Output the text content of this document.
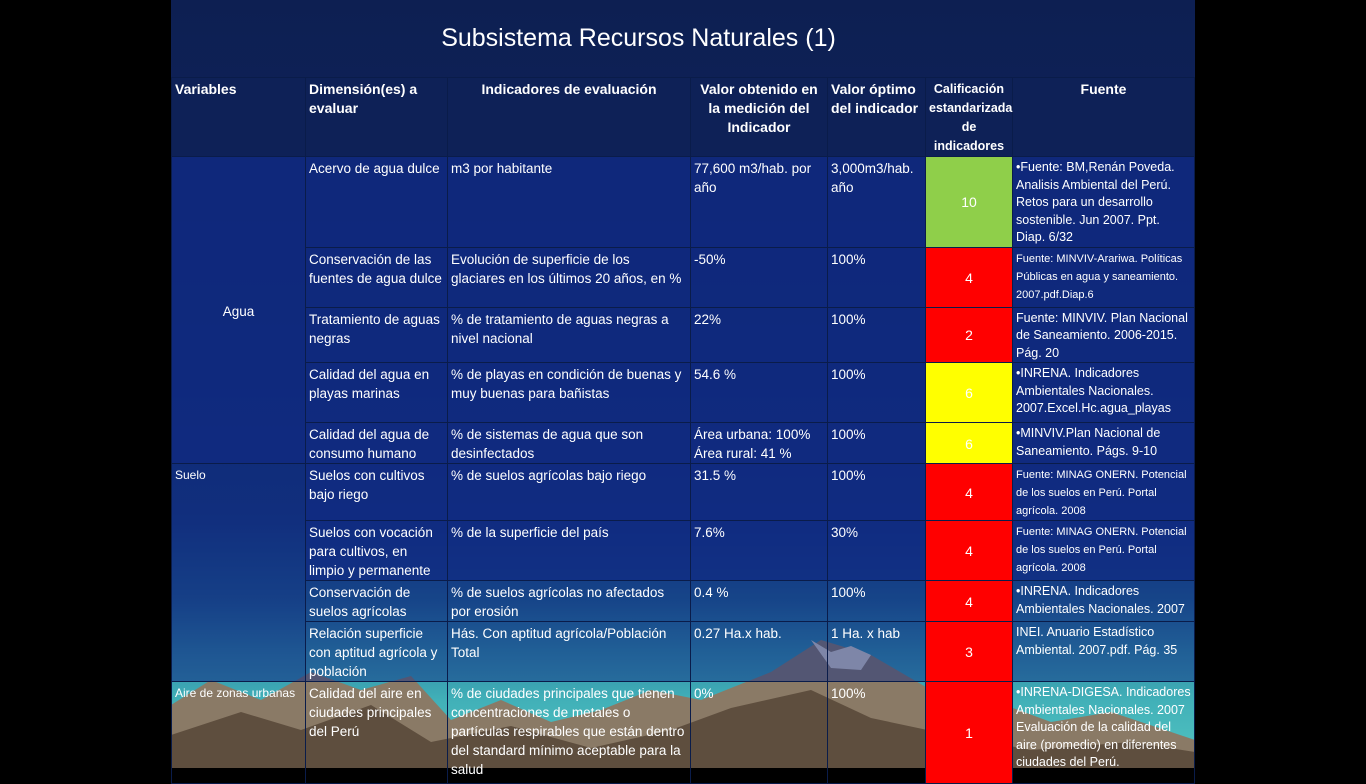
Subsistema Recursos Naturales (1)
Variables	Dimensión(es) a evaluar	Indicadores de evaluación	Valor obtenido en la medición del Indicador	Valor óptimo del indicador	Calificación estandarizada de indicadores	Fuente
Agua	Acervo de agua dulce	m3 por habitante	77,600 m3/hab. por año	3,000m3/hab. año	10	•Fuente: BM,Renán Poveda. Analisis Ambiental del Perú. Retos para un desarrollo sostenible. Jun 2007. Ppt. Diap. 6/32
	Conservación de las fuentes de agua dulce	Evolución de superficie de los glaciares en los últimos 20 años, en %	-50%	100%	4	Fuente: MINVIV-Arariwa. Políticas Públicas en agua y saneamiento. 2007.pdf.Diap.6
	Tratamiento de aguas negras	% de tratamiento de aguas negras a nivel nacional	22%	100%	2	Fuente: MINVIV. Plan Nacional de Saneamiento. 2006-2015. Pág. 20
	Calidad del agua en playas marinas	% de playas en condición de buenas y muy buenas para bañistas	54.6 %	100%	6	•INRENA. Indicadores Ambientales Nacionales. 2007.Excel.Hc.agua_playas
	Calidad del agua de consumo humano	% de sistemas de agua que son desinfectados	Área urbana: 100% Área rural: 41 %	100%	6	•MINVIV.Plan Nacional de Saneamiento. Págs. 9-10
Suelo	Suelos con cultivos bajo riego	% de suelos agrícolas bajo riego	31.5 %	100%	4	Fuente: MINAG ONERN. Potencial de los suelos en Perú. Portal agrícola. 2008
	Suelos con vocación para cultivos, en limpio y permanente	% de la superficie del país	7.6%	30%	4	Fuente: MINAG ONERN. Potencial de los suelos en Perú. Portal agrícola. 2008
	Conservación de suelos agrícolas	% de suelos agrícolas no afectados por erosión	0.4 %	100%	4	•INRENA. Indicadores Ambientales Nacionales. 2007
	Relación superficie con aptitud agrícola y población	Hás. Con aptitud agrícola/Población Total	0.27 Ha.x hab.	1 Ha. x hab	3	INEI. Anuario Estadístico Ambiental. 2007.pdf. Pág. 35
Aire de zonas urbanas	Calidad del aire en ciudades principales del Perú	% de ciudades principales que tienen concentraciones de metales o partículas respirables que están dentro del standard mínimo aceptable para la salud	0%	100%	1	•INRENA-DIGESA. Indicadores Ambientales Nacionales. 2007 Evaluación de la calidad del aire (promedio) en diferentes ciudades del Perú.
